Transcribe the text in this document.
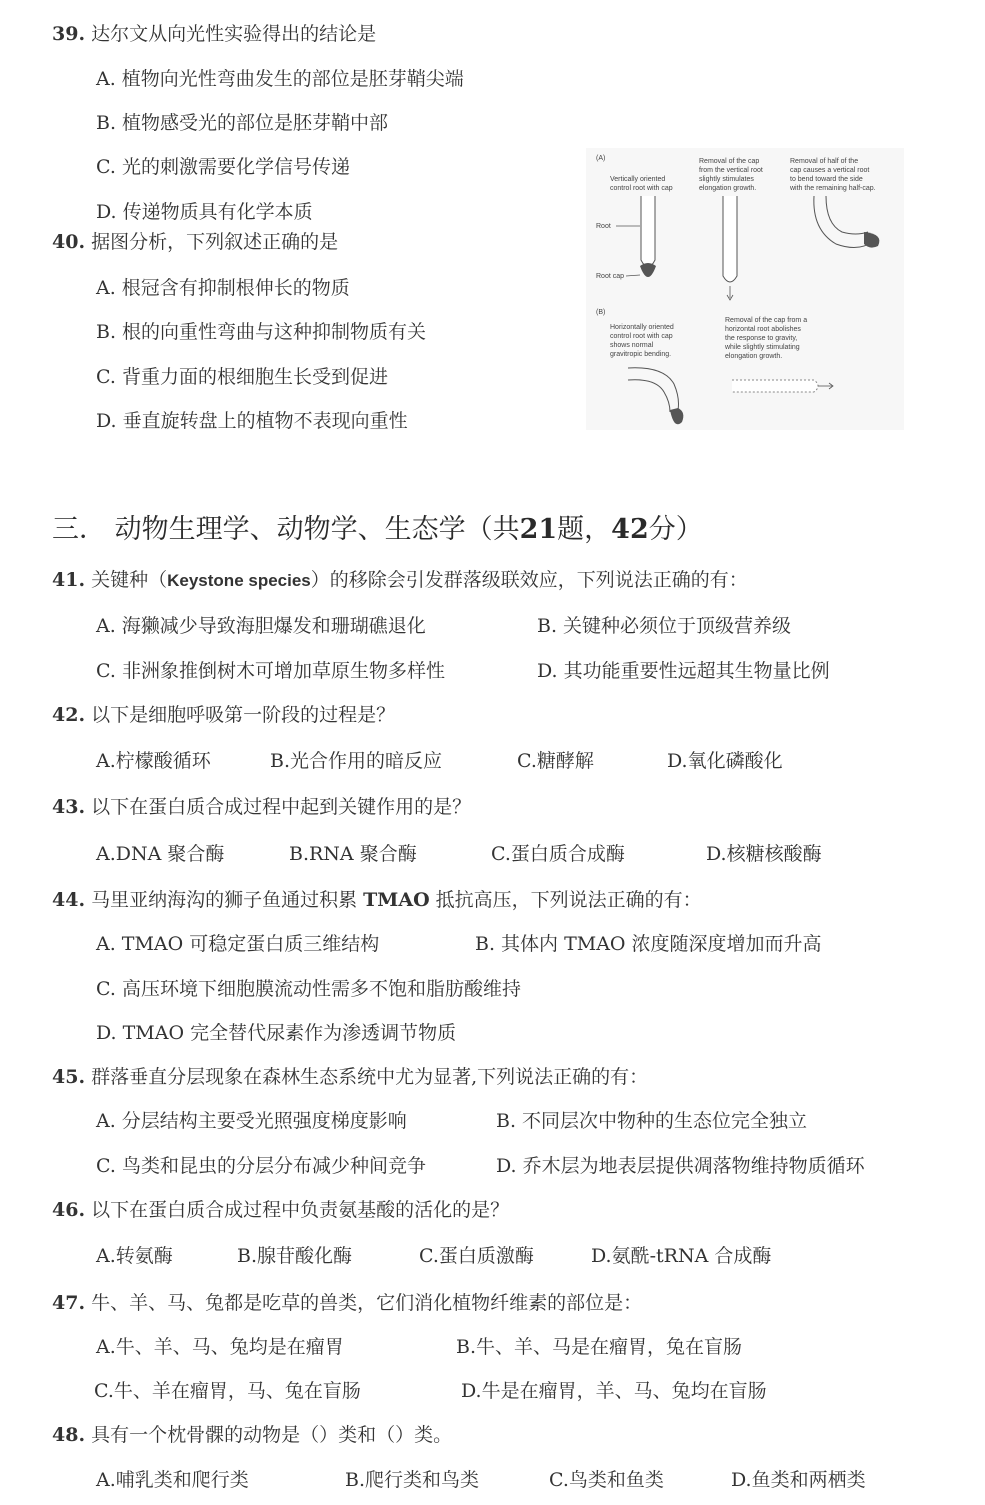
39. 达尔文从向光性实验得出的结论是
A. 植物向光性弯曲发生的部位是胚芽鞘尖端
B. 植物感受光的部位是胚芽鞘中部
C. 光的刺激需要化学信号传递
D. 传递物质具有化学本质
40. 据图分析，下列叙述正确的是
A. 根冠含有抑制根伸长的物质
B. 根的向重性弯曲与这种抑制物质有关
C. 背重力面的根细胞生长受到促进
D. 垂直旋转盘上的植物不表现向重性
(A)
Vertically oriented
control root with cap
Removal of the cap
from the vertical root
slightly stimulates
elongation growth.
Removal of half of the
cap causes a vertical root
to bend toward the side
with the remaining half-cap.
Root
Root cap
(B)
Horizontally oriented
control root with cap
shows normal
gravitropic bending.
Removal of the cap from a
horizontal root abolishes
the response to gravity,
while slightly stimulating
elongation growth.
三． 动物生理学、动物学、生态学（共21题，42分）
41. 关键种（Keystone species）的移除会引发群落级联效应，下列说法正确的有：
A. 海獭减少导致海胆爆发和珊瑚礁退化	B. 关键种必须位于顶级营养级
C. 非洲象推倒树木可增加草原生物多样性	D. 其功能重要性远超其生物量比例
42. 以下是细胞呼吸第一阶段的过程是？
A.柠檬酸循环	B.光合作用的暗反应	C.糖酵解	D.氧化磷酸化
43. 以下在蛋白质合成过程中起到关键作用的是？
A.DNA 聚合酶	B.RNA 聚合酶	C.蛋白质合成酶	D.核糖核酸酶
44. 马里亚纳海沟的狮子鱼通过积累 TMAO 抵抗高压，下列说法正确的有：
A. TMAO 可稳定蛋白质三维结构	B. 其体内 TMAO 浓度随深度增加而升高
C. 高压环境下细胞膜流动性需多不饱和脂肪酸维持
D. TMAO 完全替代尿素作为渗透调节物质
45. 群落垂直分层现象在森林生态系统中尤为显著,下列说法正确的有：
A. 分层结构主要受光照强度梯度影响	B. 不同层次中物种的生态位完全独立
C. 鸟类和昆虫的分层分布减少种间竞争	D. 乔木层为地表层提供凋落物维持物质循环
46. 以下在蛋白质合成过程中负责氨基酸的活化的是？
A.转氨酶	B.腺苷酸化酶	C.蛋白质激酶	D.氨酰-tRNA 合成酶
47. 牛、羊、马、兔都是吃草的兽类，它们消化植物纤维素的部位是：
A.牛、羊、马、兔均是在瘤胃	B.牛、羊、马是在瘤胃，兔在盲肠
C.牛、羊在瘤胃，马、兔在盲肠	D.牛是在瘤胃，羊、马、兔均在盲肠
48. 具有一个枕骨髁的动物是（）类和（）类。
A.哺乳类和爬行类	B.爬行类和鸟类	C.鸟类和鱼类	D.鱼类和两栖类
